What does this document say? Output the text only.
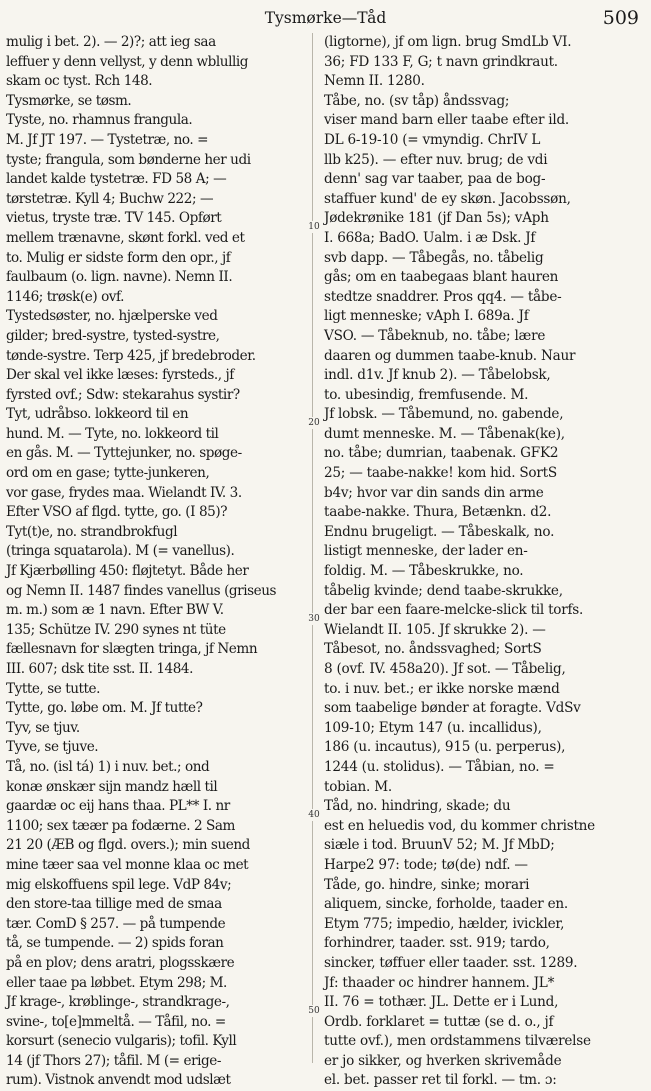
Tysmørke—Tåd	509
mulig i bet. 2). — 2)?; att ieg saa
leffuer y denn vellyst, y denn wblullig
skam oc tyst. Rch 148.
Tysmørke, se tøsm.
Tyste, no. rhamnus frangula.
M. Jf JT 197. — Tystetræ, no. =
tyste; frangula, som bønderne her udi
landet kalde tystetræ. FD 58 A; —
tørstetræ. Kyll 4; Buchw 222; —
vietus, tryste træ. TV 145. Opført
mellem trænavne, skønt forkl. ved et
to. Mulig er sidste form den opr., jf
faulbaum (o. lign. navne). Nemn II.
1146; trøsk(e) ovf.
Tystedsøster, no. hjælperske ved
gilder; bred-systre, tysted-systre,
tønde-systre. Terp 425, jf bredebroder.
Der skal vel ikke læses: fyrsteds., jf
fyrsted ovf.; Sdw: stekarahus systir?
Tyt, udråbso. lokkeord til en
hund. M. — Tyte, no. lokkeord til
en gås. M. — Tyttejunker, no. spøge-
ord om en gase; tytte-junkeren,
vor gase, frydes maa. Wielandt IV. 3.
Efter VSO af flgd. tytte, go. (I 85)?
Tyt(t)e, no. strandbrokfugl
(tringa squatarola). M (= vanellus).
Jf Kjærbølling 450: fløjtetyt. Både her
og Nemn II. 1487 findes vanellus (griseus
m. m.) som æ 1 navn. Efter BW V.
135; Schütze IV. 290 synes nt tüte
fællesnavn for slægten tringa, jf Nemn
III. 607; dsk tite sst. II. 1484.
Tytte, se tutte.
Tytte, go. løbe om. M. Jf tutte?
Tyv, se tjuv.
Tyve, se tjuve.
Tå, no. (isl tá) 1) i nuv. bet.; ond
konæ ønskær sijn mandz hæll til
gaardæ oc eij hans thaa. PL** I. nr
1100; sex tæær pa fodærne. 2 Sam
21 20 (ÆB og flgd. overs.); min suend
mine tæer saa vel monne klaa oc met
mig elskoffuens spil lege. VdP 84v;
den store-taa tillige med de smaa
tær. ComD § 257. — på tumpende
tå, se tumpende. — 2) spids foran
på en plov; dens aratri, plogsskære
eller taae pa løbbet. Etym 298; M.
Jf krage-, krøblinge-, strandkrage-,
svine-, to[e]mmeltå. — Tåfil, no. =
korsurt (senecio vulgaris); tofil. Kyll
14 (jf Thors 27); tåfil. M (= erige-
rum). Vistnok anvendt mod udslæt
(ligtorne), jf om lign. brug SmdLb VI.
36; FD 133 F, G; t navn grindkraut.
Nemn II. 1280.
Tåbe, no. (sv tåp) åndssvag;
viser mand barn eller taabe efter ild.
DL 6-19-10 (= vmyndig. ChrIV L
llb k25). — efter nuv. brug; de vdi
denn' sag var taaber, paa de bog-
staffuer kund' de ey skøn. Jacobssøn,
Jødekrønike 181 (jf Dan 5s); vAph
I. 668a; BadO. Ualm. i æ Dsk. Jf
svb dapp. — Tåbegås, no. tåbelig
gås; om en taabegaas blant hauren
stedtze snaddrer. Pros qq4. — tåbe-
ligt menneske; vAph I. 689a. Jf
VSO. — Tåbeknub, no. tåbe; lære
daaren og dummen taabe-knub. Naur
indl. d1v. Jf knub 2). — Tåbelobsk,
to. ubesindig, fremfusende. M.
Jf lobsk. — Tåbemund, no. gabende,
dumt menneske. M. — Tåbenak(ke),
no. tåbe; dumrian, taabenak. GFK2
25; — taabe-nakke! kom hid. SortS
b4v; hvor var din sands din arme
taabe-nakke. Thura, Betænkn. d2.
Endnu brugeligt. — Tåbeskalk, no.
listigt menneske, der lader en-
foldig. M. — Tåbeskrukke, no.
tåbelig kvinde; dend taabe-skrukke,
der bar een faare-melcke-slick til torfs.
Wielandt II. 105. Jf skrukke 2). —
Tåbesot, no. åndssvaghed; SortS
8 (ovf. IV. 458a20). Jf sot. — Tåbelig,
to. i nuv. bet.; er ikke norske mænd
som taabelige bønder at foragte. VdSv
109-10; Etym 147 (u. incallidus),
186 (u. incautus), 915 (u. perperus),
1244 (u. stolidus). — Tåbian, no. =
tobian. M.
Tåd, no. hindring, skade; du
est en heluedis vod, du kommer christne
siæle i tod. BruunV 52; M. Jf MbD;
Harpe2 97: tode; tø(de) ndf. —
Tåde, go. hindre, sinke; morari
aliquem, sincke, forholde, taader en.
Etym 775; impedio, hælder, ivickler,
forhindrer, taader. sst. 919; tardo,
sincker, tøffuer eller taader. sst. 1289.
Jf: thaader oc hindrer hannem. JL*
II. 76 = tothær. JL. Dette er i Lund,
Ordb. forklaret = tuttæ (se d. o., jf
tutte ovf.), men ordstammens tilværelse
er jo sikker, og hverken skrivemåde
el. bet. passer ret til forkl. — tm. ɔ:
10
20
30
40
50
